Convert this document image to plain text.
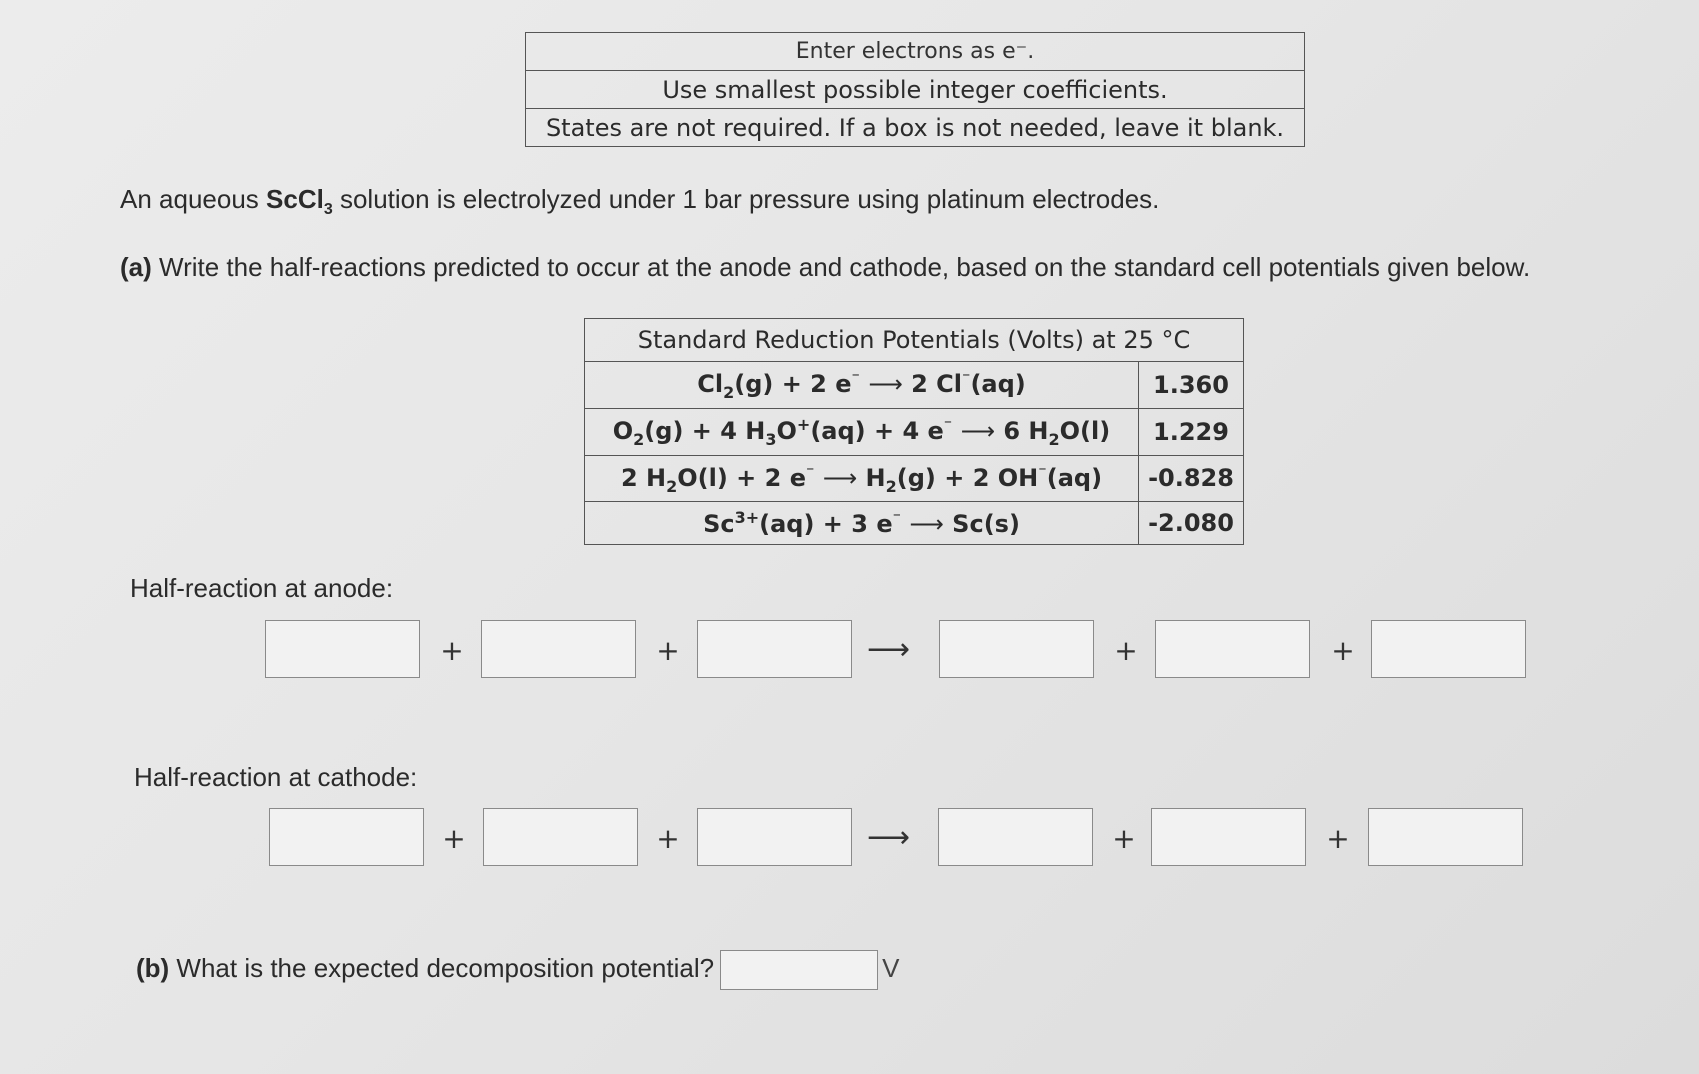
Enter electrons as e⁻.
Use smallest possible integer coefficients.
States are not required. If a box is not needed, leave it blank.
An aqueous ScCl$_3$ solution is electrolyzed under 1 bar pressure using platinum electrodes.
(a) Write the half-reactions predicted to occur at the anode and cathode, based on the standard cell potentials given below.
Standard Reduction Potentials (Volts) at 25 °C	
$Cl_2(g) + 2$ e⁻ ⟶ 2 Cl⁻(aq)	1.360
$O_2(g) + 4$ $H_3O^+(aq) + 4$ e⁻ ⟶ 6 $H_2O(l)$	1.229
2 $H_2O(l) + 2$ e⁻ ⟶ $H_2(g) + 2$ OH⁻(aq)	-0.828
$Sc^{3+}(aq) + 3$ e⁻ ⟶ Sc(s)	-2.080
Half-reaction at anode:
+	+	⟶	+	+
Half-reaction at cathode:
+	+	⟶	+	+
(b) What is the expected decomposition potential?	V
